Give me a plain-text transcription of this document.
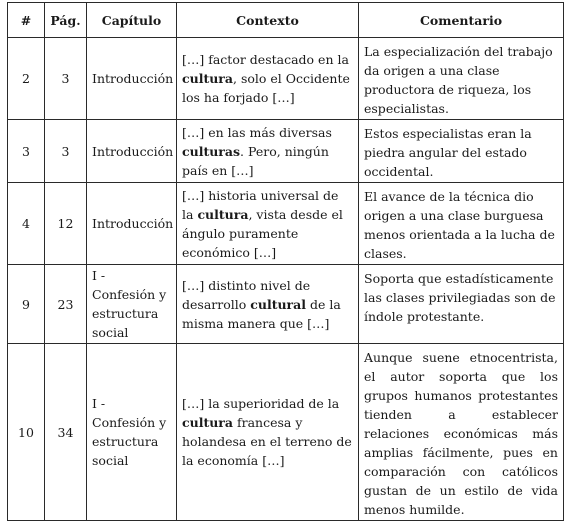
#	Pág.	Capítulo	Contexto	Comentario
2	3	Introducción	[…] factor destacado en la cultura, solo el Occidente los ha forjado […]	La especialización del trabajo da origen a una clase productora de riqueza, los especialistas.
3	3	Introducción	[…] en las más diversas culturas. Pero, ningún país en […]	Estos especialistas eran la piedra angular del estado occidental.
4	12	Introducción	[…] historia universal de la cultura, vista desde el ángulo puramente económico […]	El avance de la técnica dio origen a una clase burguesa menos orientada a la lucha de clases.
9	23	I - Confesión y estructura social	[…] distinto nivel de desarrollo cultural de la misma manera que […]	Soporta que estadísticamente las clases privilegiadas son de índole protestante.
10	34	I - Confesión y estructura social	[…] la superioridad de la cultura francesa y holandesa en el terreno de la economía […]	Aunque suene etnocentrista, el autor soporta que los grupos humanos protestantes tienden a establecer relaciones económicas más amplias fácilmente, pues en comparación con católicos gustan de un estilo de vida menos humilde.
